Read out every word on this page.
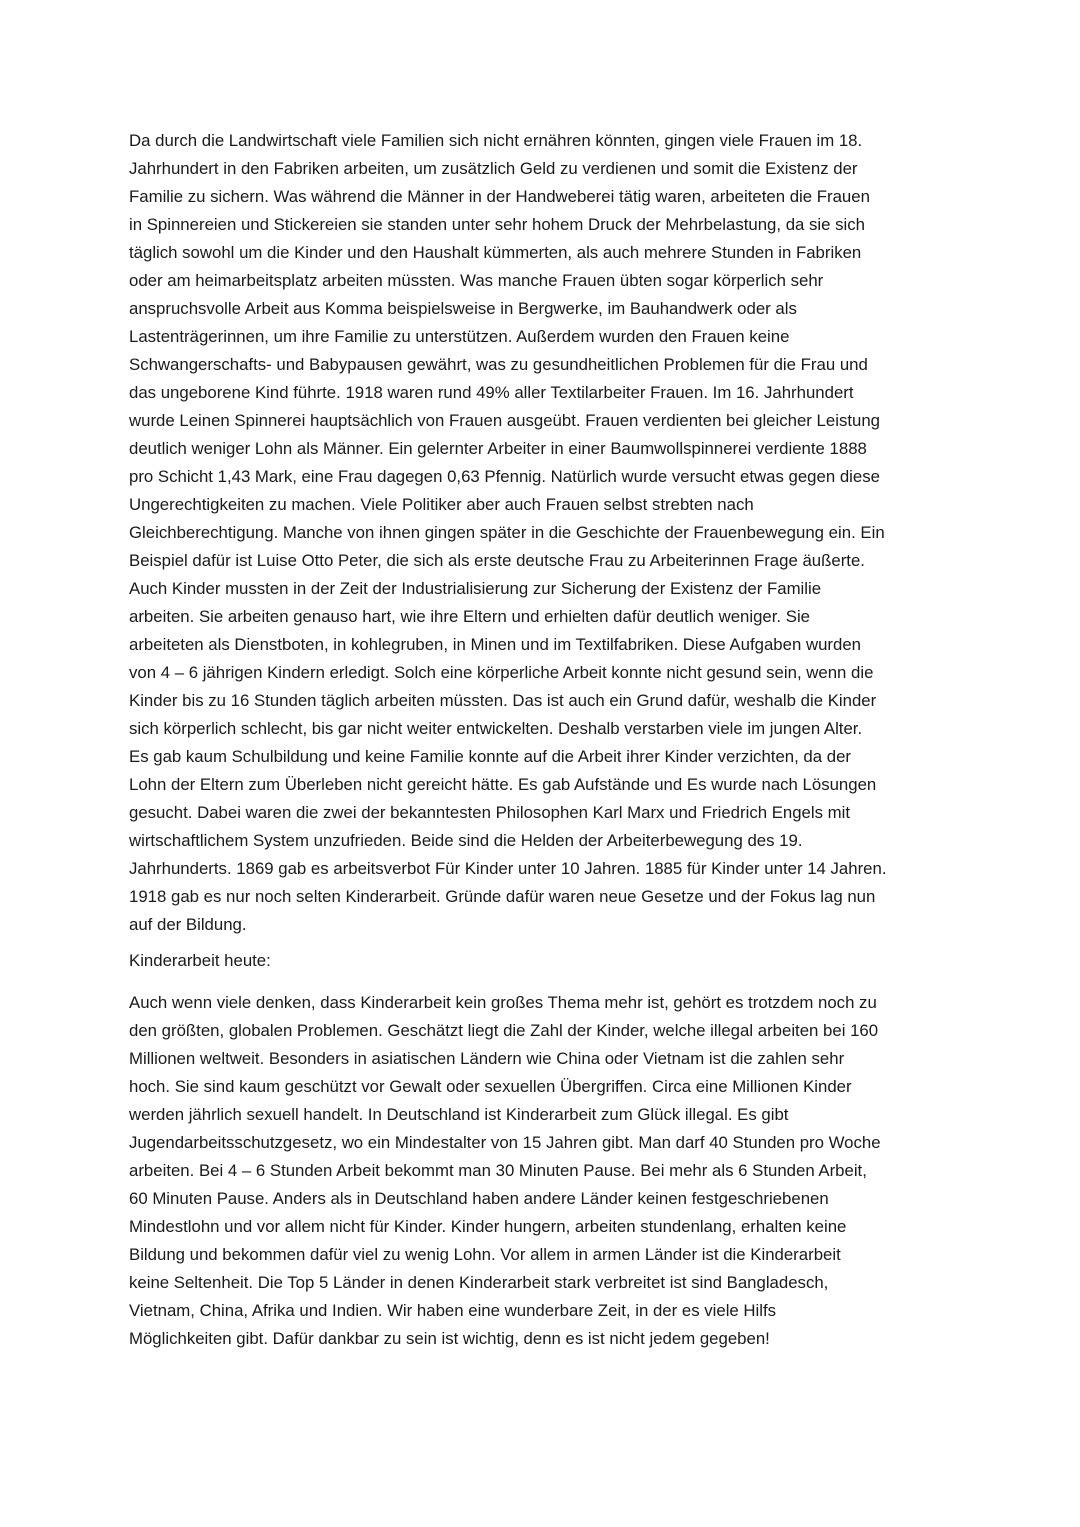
Da durch die Landwirtschaft viele Familien sich nicht ernähren könnten, gingen viele Frauen im 18.
Jahrhundert in den Fabriken arbeiten, um zusätzlich Geld zu verdienen und somit die Existenz der
Familie zu sichern. Was während die Männer in der Handweberei tätig waren, arbeiteten die Frauen
in Spinnereien und Stickereien sie standen unter sehr hohem Druck der Mehrbelastung, da sie sich
täglich sowohl um die Kinder und den Haushalt kümmerten, als auch mehrere Stunden in Fabriken
oder am heimarbeitsplatz arbeiten müssten. Was manche Frauen übten sogar körperlich sehr
anspruchsvolle Arbeit aus Komma beispielsweise in Bergwerke, im Bauhandwerk oder als
Lastenträgerinnen, um ihre Familie zu unterstützen. Außerdem wurden den Frauen keine
Schwangerschafts- und Babypausen gewährt, was zu gesundheitlichen Problemen für die Frau und
das ungeborene Kind führte. 1918 waren rund 49% aller Textilarbeiter Frauen. Im 16. Jahrhundert
wurde Leinen Spinnerei hauptsächlich von Frauen ausgeübt. Frauen verdienten bei gleicher Leistung
deutlich weniger Lohn als Männer. Ein gelernter Arbeiter in einer Baumwollspinnerei verdiente 1888
pro Schicht 1,43 Mark, eine Frau dagegen 0,63 Pfennig. Natürlich wurde versucht etwas gegen diese
Ungerechtigkeiten zu machen. Viele Politiker aber auch Frauen selbst strebten nach
Gleichberechtigung. Manche von ihnen gingen später in die Geschichte der Frauenbewegung ein. Ein
Beispiel dafür ist Luise Otto Peter, die sich als erste deutsche Frau zu Arbeiterinnen Frage äußerte.
Auch Kinder mussten in der Zeit der Industrialisierung zur Sicherung der Existenz der Familie
arbeiten. Sie arbeiten genauso hart, wie ihre Eltern und erhielten dafür deutlich weniger. Sie
arbeiteten als Dienstboten, in kohlegruben, in Minen und im Textilfabriken. Diese Aufgaben wurden
von 4 – 6 jährigen Kindern erledigt. Solch eine körperliche Arbeit konnte nicht gesund sein, wenn die
Kinder bis zu 16 Stunden täglich arbeiten müssten. Das ist auch ein Grund dafür, weshalb die Kinder
sich körperlich schlecht, bis gar nicht weiter entwickelten. Deshalb verstarben viele im jungen Alter.
Es gab kaum Schulbildung und keine Familie konnte auf die Arbeit ihrer Kinder verzichten, da der
Lohn der Eltern zum Überleben nicht gereicht hätte. Es gab Aufstände und Es wurde nach Lösungen
gesucht. Dabei waren die zwei der bekanntesten Philosophen Karl Marx und Friedrich Engels mit
wirtschaftlichem System unzufrieden. Beide sind die Helden der Arbeiterbewegung des 19.
Jahrhunderts. 1869 gab es arbeitsverbot Für Kinder unter 10 Jahren. 1885 für Kinder unter 14 Jahren.
1918 gab es nur noch selten Kinderarbeit. Gründe dafür waren neue Gesetze und der Fokus lag nun
auf der Bildung.
Kinderarbeit heute:
Auch wenn viele denken, dass Kinderarbeit kein großes Thema mehr ist, gehört es trotzdem noch zu
den größten, globalen Problemen. Geschätzt liegt die Zahl der Kinder, welche illegal arbeiten bei 160
Millionen weltweit. Besonders in asiatischen Ländern wie China oder Vietnam ist die zahlen sehr
hoch. Sie sind kaum geschützt vor Gewalt oder sexuellen Übergriffen. Circa eine Millionen Kinder
werden jährlich sexuell handelt. In Deutschland ist Kinderarbeit zum Glück illegal. Es gibt
Jugendarbeitsschutzgesetz, wo ein Mindestalter von 15 Jahren gibt. Man darf 40 Stunden pro Woche
arbeiten. Bei 4 – 6 Stunden Arbeit bekommt man 30 Minuten Pause. Bei mehr als 6 Stunden Arbeit,
60 Minuten Pause. Anders als in Deutschland haben andere Länder keinen festgeschriebenen
Mindestlohn und vor allem nicht für Kinder. Kinder hungern, arbeiten stundenlang, erhalten keine
Bildung und bekommen dafür viel zu wenig Lohn. Vor allem in armen Länder ist die Kinderarbeit
keine Seltenheit. Die Top 5 Länder in denen Kinderarbeit stark verbreitet ist sind Bangladesch,
Vietnam, China, Afrika und Indien. Wir haben eine wunderbare Zeit, in der es viele Hilfs
Möglichkeiten gibt. Dafür dankbar zu sein ist wichtig, denn es ist nicht jedem gegeben!
